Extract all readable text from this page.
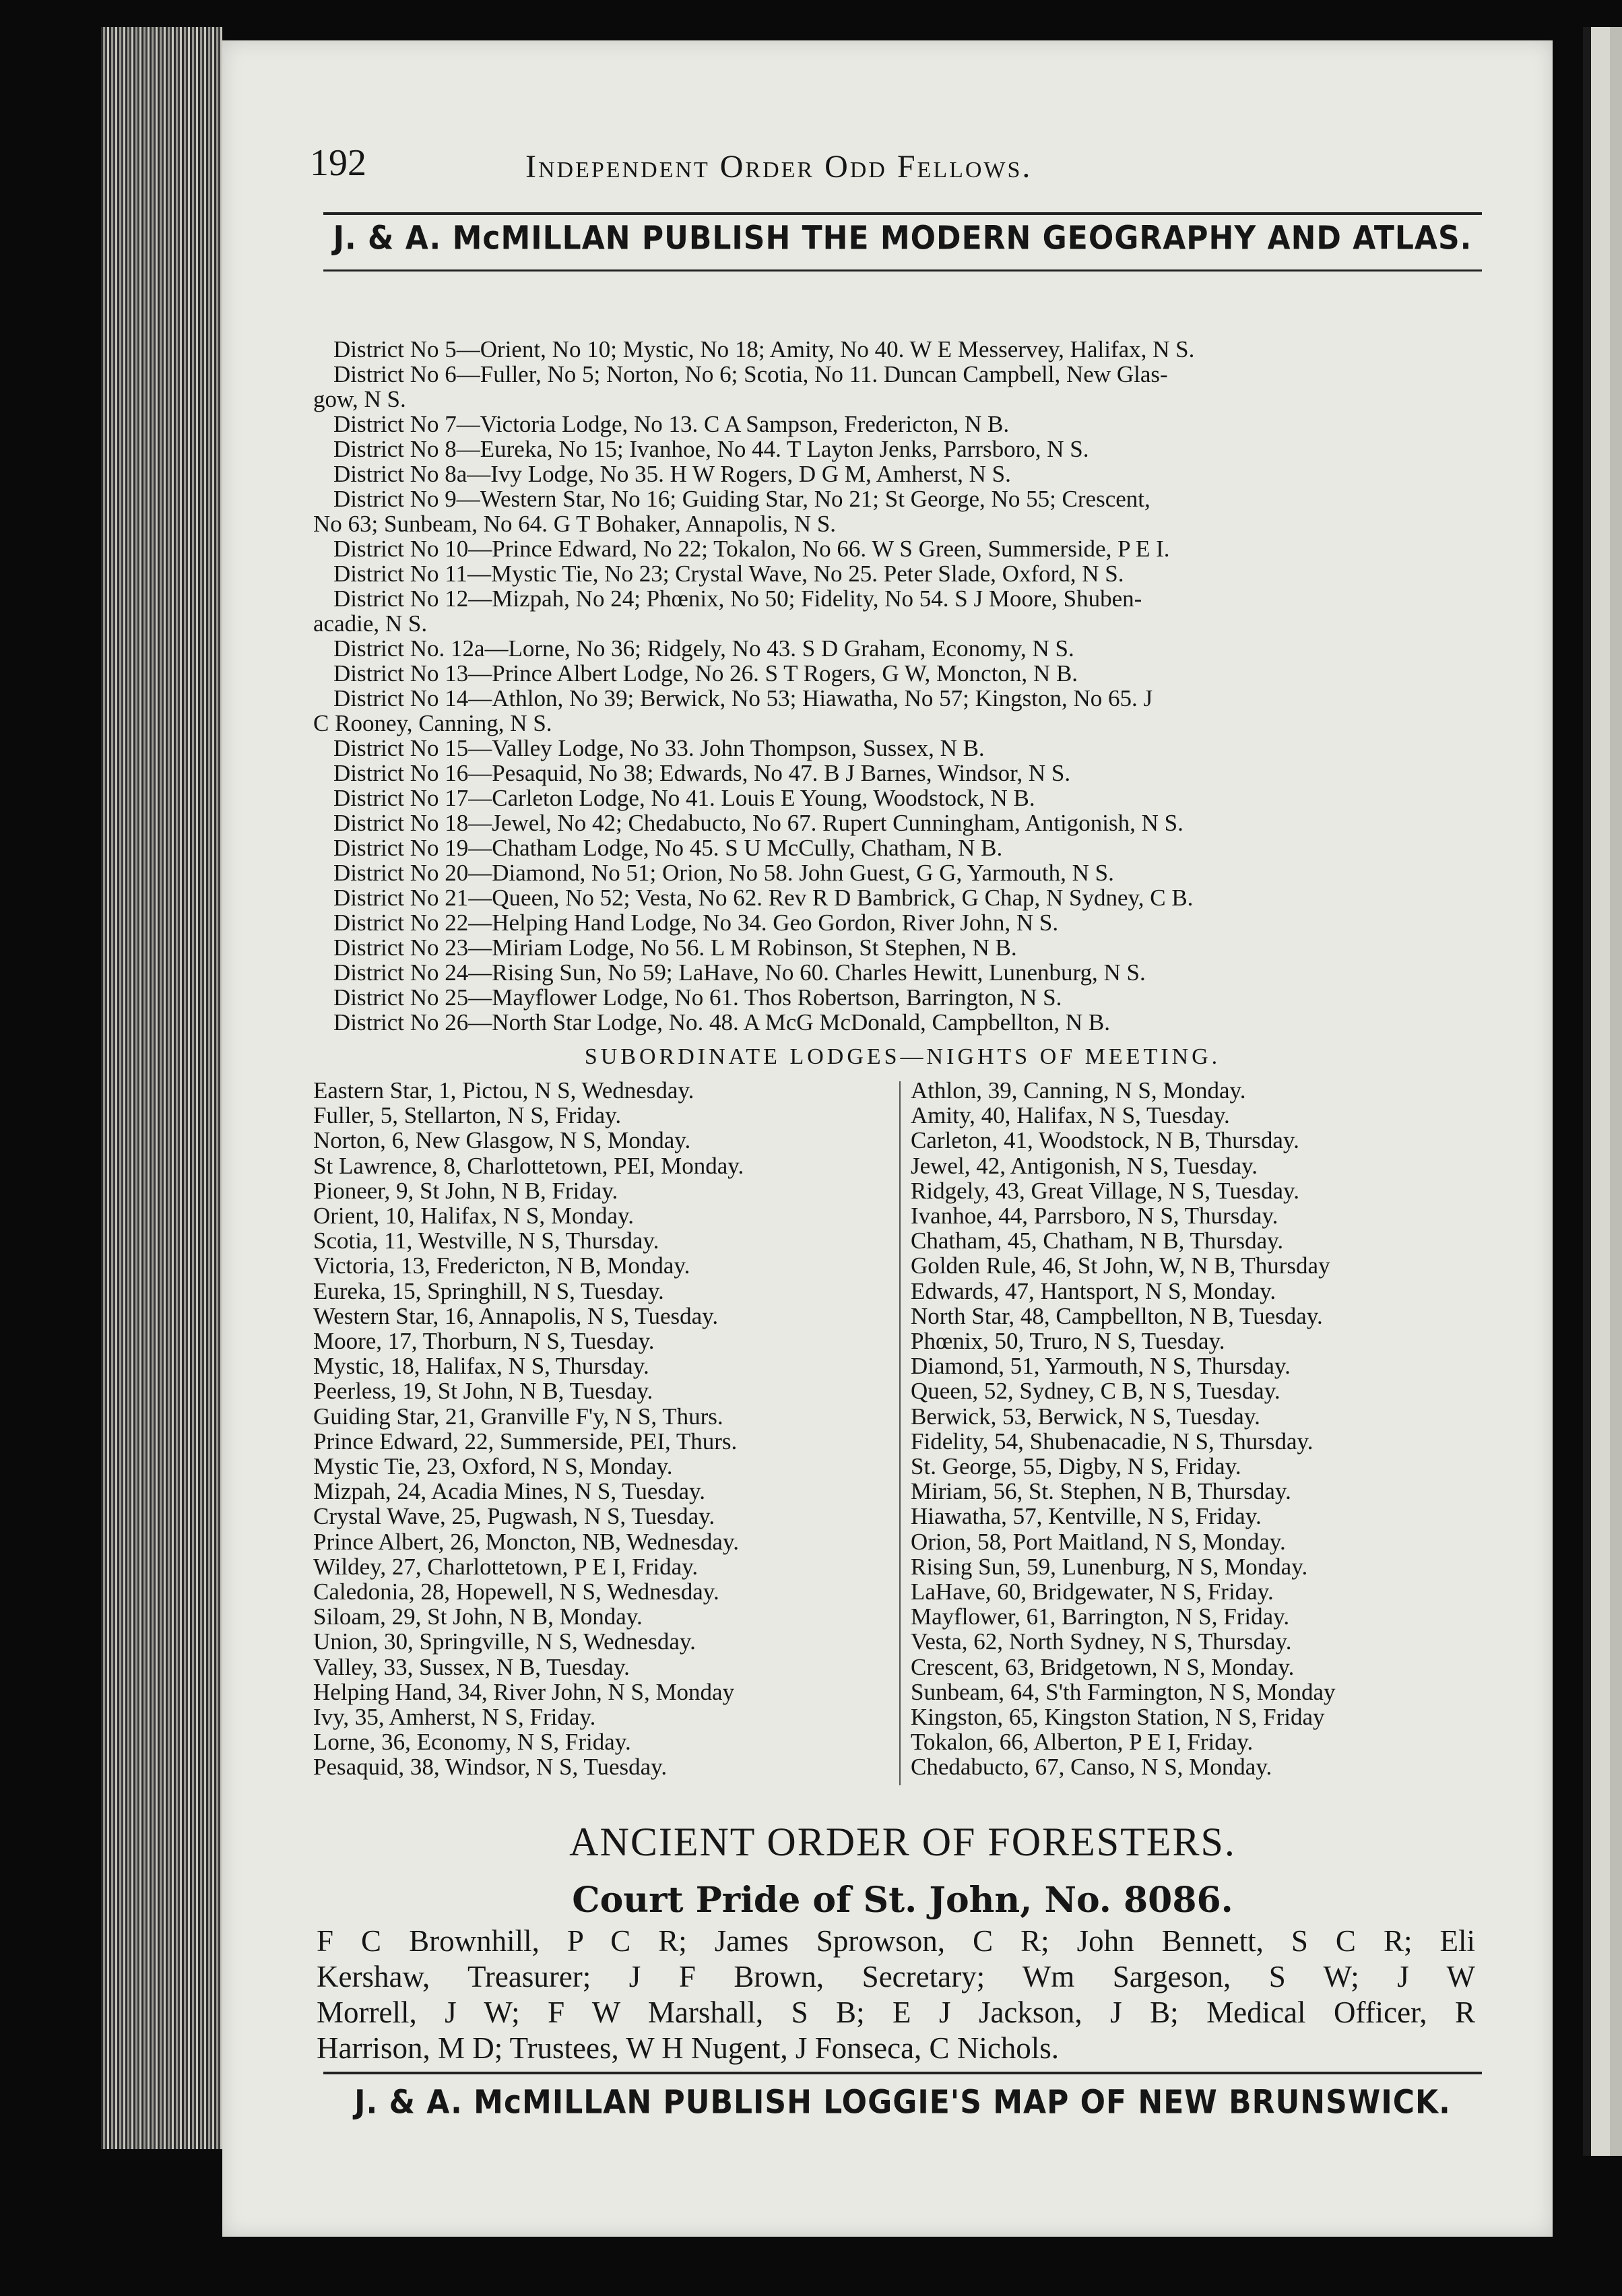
192	Independent Order Odd Fellows.
J. & A. McMILLAN PUBLISH THE MODERN GEOGRAPHY AND ATLAS.
District No 5—Orient, No 10; Mystic, No 18; Amity, No 40. W E Messervey, Halifax, N S.
District No 6—Fuller, No 5; Norton, No 6; Scotia, No 11. Duncan Campbell, New Glas-
gow, N S.
District No 7—Victoria Lodge, No 13. C A Sampson, Fredericton, N B.
District No 8—Eureka, No 15; Ivanhoe, No 44. T Layton Jenks, Parrsboro, N S.
District No 8a—Ivy Lodge, No 35. H W Rogers, D G M, Amherst, N S.
District No 9—Western Star, No 16; Guiding Star, No 21; St George, No 55; Crescent,
No 63; Sunbeam, No 64. G T Bohaker, Annapolis, N S.
District No 10—Prince Edward, No 22; Tokalon, No 66. W S Green, Summerside, P E I.
District No 11—Mystic Tie, No 23; Crystal Wave, No 25. Peter Slade, Oxford, N S.
District No 12—Mizpah, No 24; Phœnix, No 50; Fidelity, No 54. S J Moore, Shuben-
acadie, N S.
District No. 12a—Lorne, No 36; Ridgely, No 43. S D Graham, Economy, N S.
District No 13—Prince Albert Lodge, No 26. S T Rogers, G W, Moncton, N B.
District No 14—Athlon, No 39; Berwick, No 53; Hiawatha, No 57; Kingston, No 65. J
C Rooney, Canning, N S.
District No 15—Valley Lodge, No 33. John Thompson, Sussex, N B.
District No 16—Pesaquid, No 38; Edwards, No 47. B J Barnes, Windsor, N S.
District No 17—Carleton Lodge, No 41. Louis E Young, Woodstock, N B.
District No 18—Jewel, No 42; Chedabucto, No 67. Rupert Cunningham, Antigonish, N S.
District No 19—Chatham Lodge, No 45. S U McCully, Chatham, N B.
District No 20—Diamond, No 51; Orion, No 58. John Guest, G G, Yarmouth, N S.
District No 21—Queen, No 52; Vesta, No 62. Rev R D Bambrick, G Chap, N Sydney, C B.
District No 22—Helping Hand Lodge, No 34. Geo Gordon, River John, N S.
District No 23—Miriam Lodge, No 56. L M Robinson, St Stephen, N B.
District No 24—Rising Sun, No 59; LaHave, No 60. Charles Hewitt, Lunenburg, N S.
District No 25—Mayflower Lodge, No 61. Thos Robertson, Barrington, N S.
District No 26—North Star Lodge, No. 48. A McG McDonald, Campbellton, N B.
SUBORDINATE LODGES—NIGHTS OF MEETING.
Eastern Star, 1, Pictou, N S, Wednesday.
Fuller, 5, Stellarton, N S, Friday.
Norton, 6, New Glasgow, N S, Monday.
St Lawrence, 8, Charlottetown, PEI, Monday.
Pioneer, 9, St John, N B, Friday.
Orient, 10, Halifax, N S, Monday.
Scotia, 11, Westville, N S, Thursday.
Victoria, 13, Fredericton, N B, Monday.
Eureka, 15, Springhill, N S, Tuesday.
Western Star, 16, Annapolis, N S, Tuesday.
Moore, 17, Thorburn, N S, Tuesday.
Mystic, 18, Halifax, N S, Thursday.
Peerless, 19, St John, N B, Tuesday.
Guiding Star, 21, Granville F'y, N S, Thurs.
Prince Edward, 22, Summerside, PEI, Thurs.
Mystic Tie, 23, Oxford, N S, Monday.
Mizpah, 24, Acadia Mines, N S, Tuesday.
Crystal Wave, 25, Pugwash, N S, Tuesday.
Prince Albert, 26, Moncton, NB, Wednesday.
Wildey, 27, Charlottetown, P E I, Friday.
Caledonia, 28, Hopewell, N S, Wednesday.
Siloam, 29, St John, N B, Monday.
Union, 30, Springville, N S, Wednesday.
Valley, 33, Sussex, N B, Tuesday.
Helping Hand, 34, River John, N S, Monday
Ivy, 35, Amherst, N S, Friday.
Lorne, 36, Economy, N S, Friday.
Pesaquid, 38, Windsor, N S, Tuesday.
Athlon, 39, Canning, N S, Monday.
Amity, 40, Halifax, N S, Tuesday.
Carleton, 41, Woodstock, N B, Thursday.
Jewel, 42, Antigonish, N S, Tuesday.
Ridgely, 43, Great Village, N S, Tuesday.
Ivanhoe, 44, Parrsboro, N S, Thursday.
Chatham, 45, Chatham, N B, Thursday.
Golden Rule, 46, St John, W, N B, Thursday
Edwards, 47, Hantsport, N S, Monday.
North Star, 48, Campbellton, N B, Tuesday.
Phœnix, 50, Truro, N S, Tuesday.
Diamond, 51, Yarmouth, N S, Thursday.
Queen, 52, Sydney, C B, N S, Tuesday.
Berwick, 53, Berwick, N S, Tuesday.
Fidelity, 54, Shubenacadie, N S, Thursday.
St. George, 55, Digby, N S, Friday.
Miriam, 56, St. Stephen, N B, Thursday.
Hiawatha, 57, Kentville, N S, Friday.
Orion, 58, Port Maitland, N S, Monday.
Rising Sun, 59, Lunenburg, N S, Monday.
LaHave, 60, Bridgewater, N S, Friday.
Mayflower, 61, Barrington, N S, Friday.
Vesta, 62, North Sydney, N S, Thursday.
Crescent, 63, Bridgetown, N S, Monday.
Sunbeam, 64, S'th Farmington, N S, Monday
Kingston, 65, Kingston Station, N S, Friday
Tokalon, 66, Alberton, P E I, Friday.
Chedabucto, 67, Canso, N S, Monday.
ANCIENT ORDER OF FORESTERS.
Court Pride of St. John, No. 8086.
F C Brownhill, P C R; James Sprowson, C R; John Bennett, S C R; Eli
Kershaw, Treasurer; J F Brown, Secretary; Wm Sargeson, S W; J W
Morrell, J W; F W Marshall, S B; E J Jackson, J B; Medical Officer, R
Harrison, M D; Trustees, W H Nugent, J Fonseca, C Nichols.
J. & A. McMILLAN PUBLISH LOGGIE'S MAP OF NEW BRUNSWICK.
